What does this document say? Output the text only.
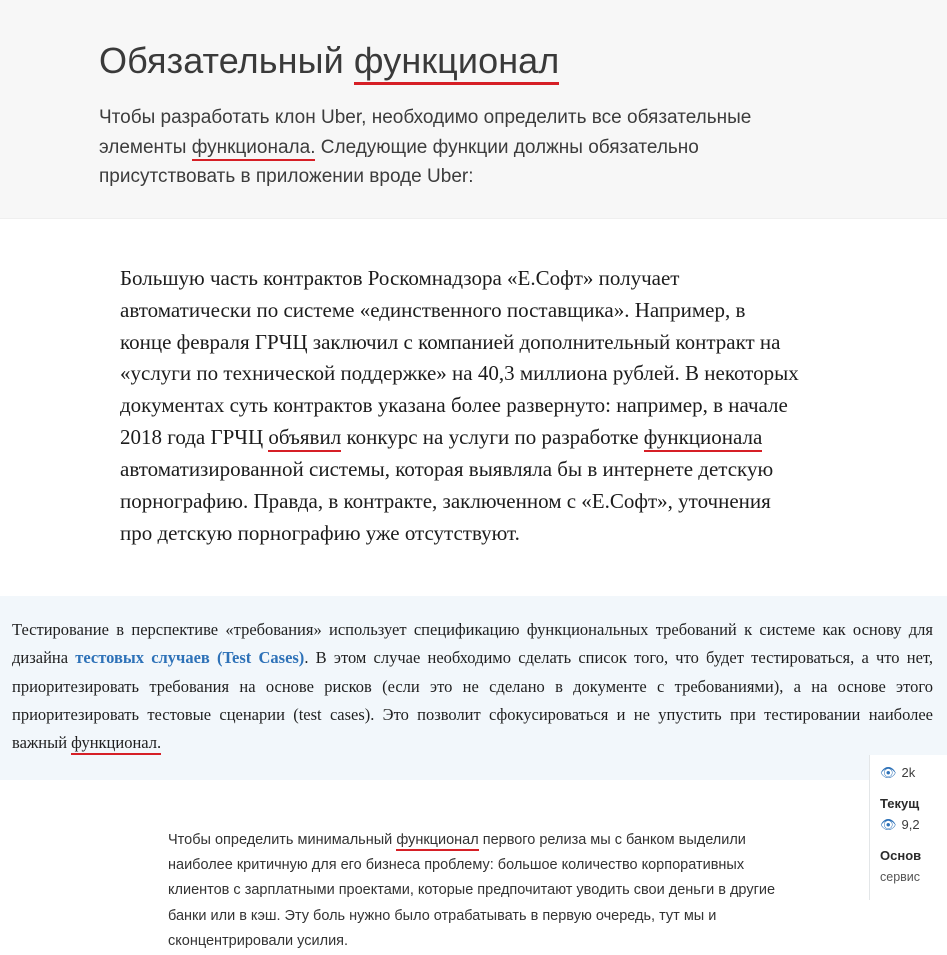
Обязательный функционал

Чтобы разработать клон Uber, необходимо определить все обязательные элементы функционала. Следующие функции должны обязательно присутствовать в приложении вроде Uber:

Большую часть контрактов Роскомнадзора «Е.Софт» получает автоматически по системе «единственного поставщика». Например, в конце февраля ГРЧЦ заключил с компанией дополнительный контракт на «услуги по технической поддержке» на 40,3 миллиона рублей. В некоторых документах суть контрактов указана более развернуто: например, в начале 2018 года ГРЧЦ объявил конкурс на услуги по разработке функционала автоматизированной системы, которая выявляла бы в интернете детскую порнографию. Правда, в контракте, заключенном с «Е.Софт», уточнения про детскую порнографию уже отсутствуют.

Тестирование в перспективе «требования» использует спецификацию функциональных требований к системе как основу для дизайна тестовых случаев (Test Cases). В этом случае необходимо сделать список того, что будет тестироваться, а что нет, приоритезировать требования на основе рисков (если это не сделано в документе с требованиями), а на основе этого приоритезировать тестовые сценарии (test cases). Это позволит сфокусироваться и не упустить при тестировании наиболее важный функционал.

Чтобы определить минимальный функционал первого релиза мы с банком выделили наиболее критичную для его бизнеса проблему: большое количество корпоративных клиентов с зарплатными проектами, которые предпочитают уводить свои деньги в другие банки или в кэш. Эту боль нужно было отрабатывать в первую очередь, тут мы и сконцентрировали усилия.

👁 2k
Текущ
👁 9,2
Основ
сервис
